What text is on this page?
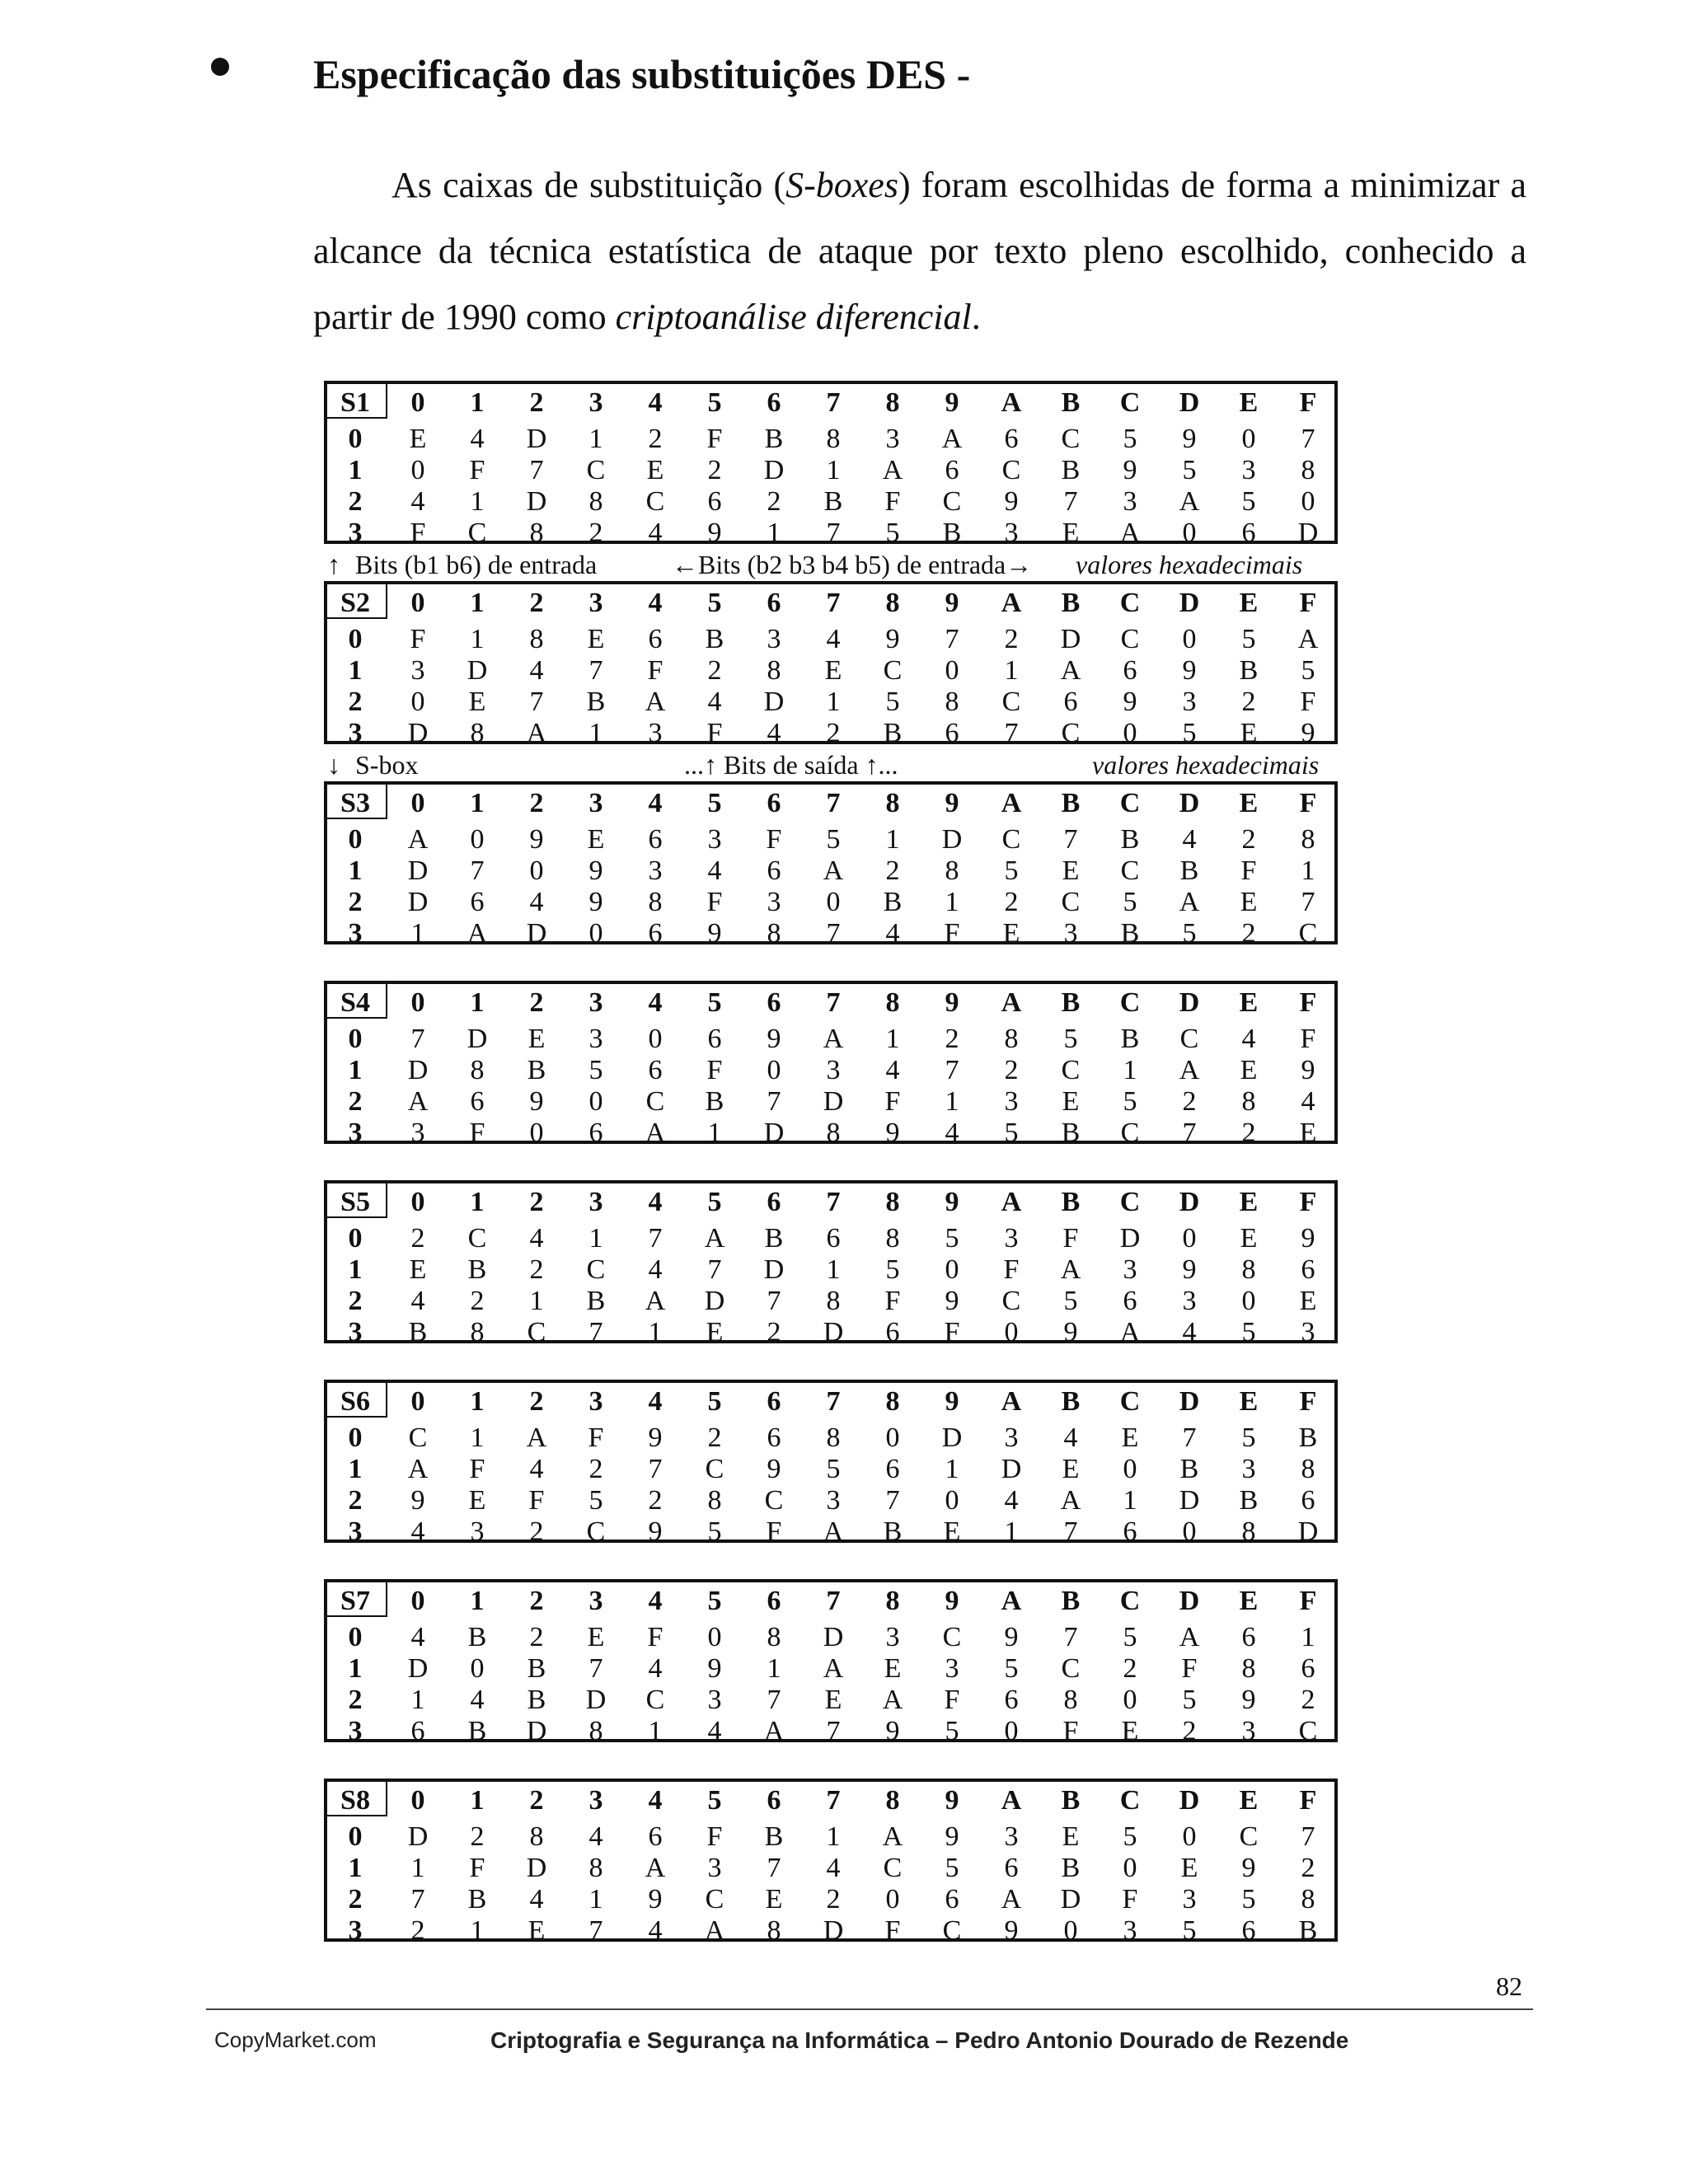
Especificação das substituições DES -
As caixas de substituição (S-boxes) foram escolhidas de forma a minimizar a alcance da técnica estatística de ataque por texto pleno escolhido, conhecido a partir de 1990 como criptoanálise diferencial.
S1	0	1	2	3	4	5	6	7	8	9	A	B	C	D	E	F
0	E	4	D	1	2	F	B	8	3	A	6	C	5	9	0	7
1	0	F	7	C	E	2	D	1	A	6	C	B	9	5	3	8
2	4	1	D	8	C	6	2	B	F	C	9	7	3	A	5	0
3	F	C	8	2	4	9	1	7	5	B	3	E	A	0	6	D
S2	0	1	2	3	4	5	6	7	8	9	A	B	C	D	E	F
0	F	1	8	E	6	B	3	4	9	7	2	D	C	0	5	A
1	3	D	4	7	F	2	8	E	C	0	1	A	6	9	B	5
2	0	E	7	B	A	4	D	1	5	8	C	6	9	3	2	F
3	D	8	A	1	3	F	4	2	B	6	7	C	0	5	E	9
S3	0	1	2	3	4	5	6	7	8	9	A	B	C	D	E	F
0	A	0	9	E	6	3	F	5	1	D	C	7	B	4	2	8
1	D	7	0	9	3	4	6	A	2	8	5	E	C	B	F	1
2	D	6	4	9	8	F	3	0	B	1	2	C	5	A	E	7
3	1	A	D	0	6	9	8	7	4	F	E	3	B	5	2	C
S4	0	1	2	3	4	5	6	7	8	9	A	B	C	D	E	F
0	7	D	E	3	0	6	9	A	1	2	8	5	B	C	4	F
1	D	8	B	5	6	F	0	3	4	7	2	C	1	A	E	9
2	A	6	9	0	C	B	7	D	F	1	3	E	5	2	8	4
3	3	F	0	6	A	1	D	8	9	4	5	B	C	7	2	E
S5	0	1	2	3	4	5	6	7	8	9	A	B	C	D	E	F
0	2	C	4	1	7	A	B	6	8	5	3	F	D	0	E	9
1	E	B	2	C	4	7	D	1	5	0	F	A	3	9	8	6
2	4	2	1	B	A	D	7	8	F	9	C	5	6	3	0	E
3	B	8	C	7	1	E	2	D	6	F	0	9	A	4	5	3
S6	0	1	2	3	4	5	6	7	8	9	A	B	C	D	E	F
0	C	1	A	F	9	2	6	8	0	D	3	4	E	7	5	B
1	A	F	4	2	7	C	9	5	6	1	D	E	0	B	3	8
2	9	E	F	5	2	8	C	3	7	0	4	A	1	D	B	6
3	4	3	2	C	9	5	F	A	B	E	1	7	6	0	8	D
S7	0	1	2	3	4	5	6	7	8	9	A	B	C	D	E	F
0	4	B	2	E	F	0	8	D	3	C	9	7	5	A	6	1
1	D	0	B	7	4	9	1	A	E	3	5	C	2	F	8	6
2	1	4	B	D	C	3	7	E	A	F	6	8	0	5	9	2
3	6	B	D	8	1	4	A	7	9	5	0	F	E	2	3	C
S8	0	1	2	3	4	5	6	7	8	9	A	B	C	D	E	F
0	D	2	8	4	6	F	B	1	A	9	3	E	5	0	C	7
1	1	F	D	8	A	3	7	4	C	5	6	B	0	E	9	2
2	7	B	4	1	9	C	E	2	0	6	A	D	F	3	5	8
3	2	1	E	7	4	A	8	D	F	C	9	0	3	5	6	B
↑ Bits (b1 b6) de entrada	←Bits (b2 b3 b4 b5) de entrada→ valores hexadecimais
↓ S-box	...↑ Bits de saída ↑...	valores hexadecimais
82
CopyMarket.com	Criptografia e Segurança na Informática – Pedro Antonio Dourado de Rezende
